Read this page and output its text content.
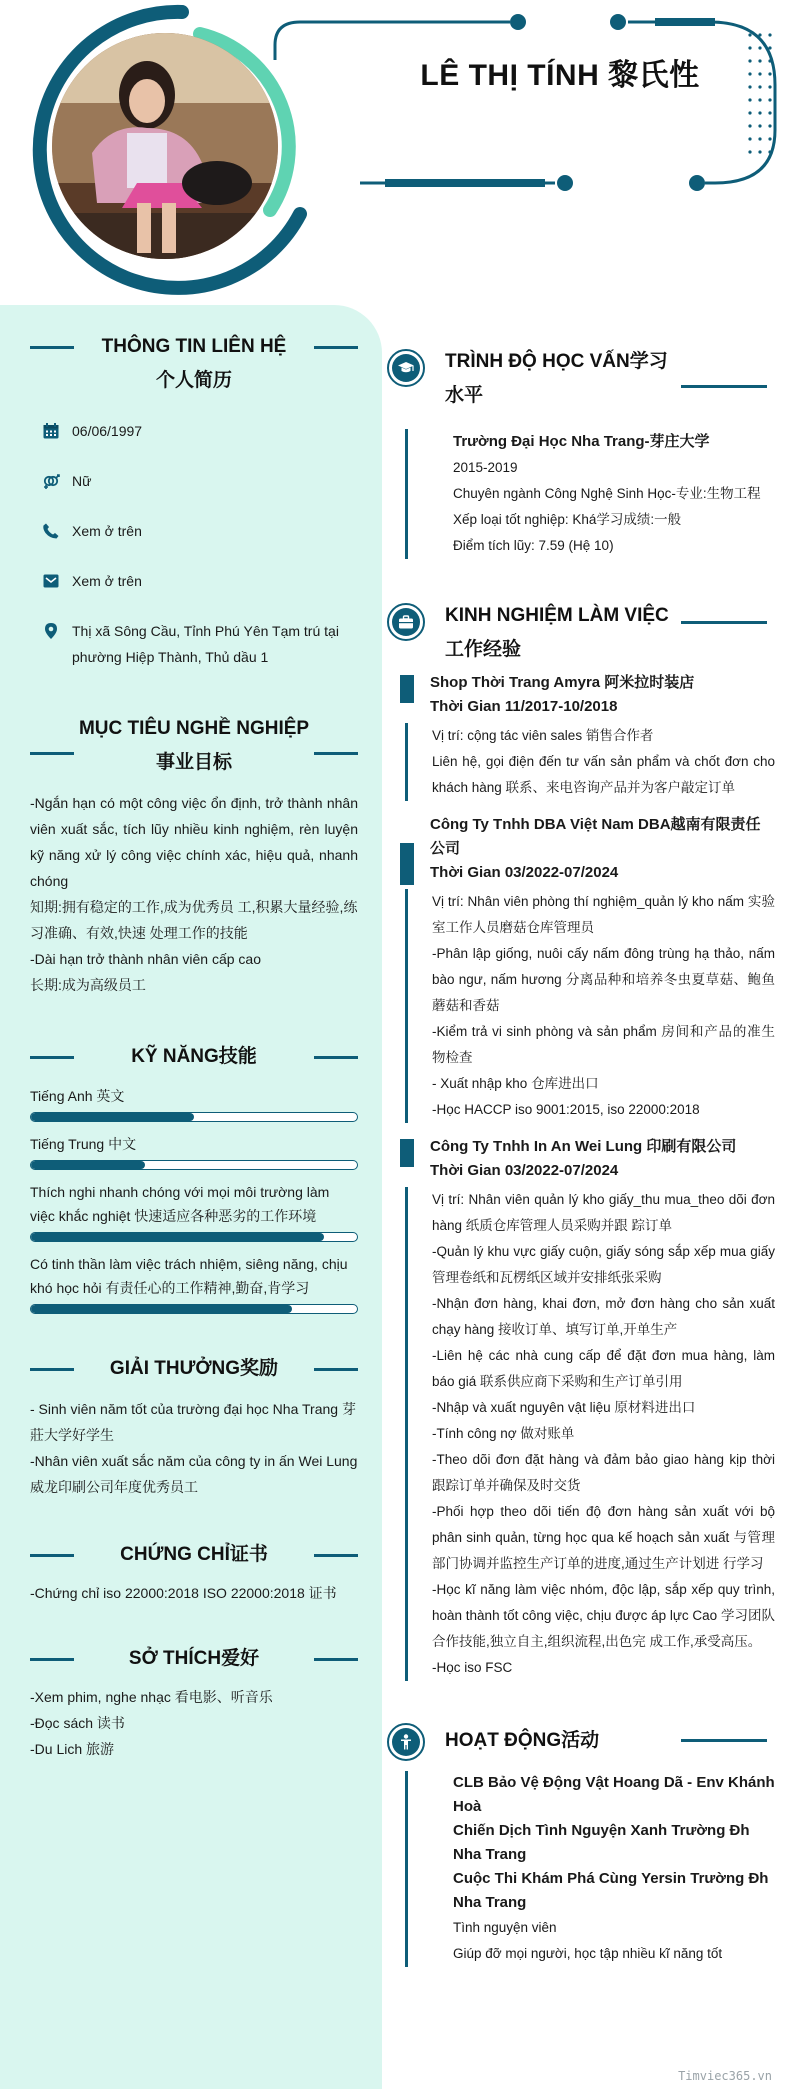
LÊ THỊ TÍNH 黎氏性
THÔNG TIN LIÊN HỆ
个人简历
06/06/1997
Nữ
Xem ở trên
Xem ở trên
Thị xã Sông Cầu, Tỉnh Phú Yên Tạm trú tại phường Hiệp Thành, Thủ dầu 1
MỤC TIÊU NGHỀ NGHIỆP
事业目标
-Ngắn hạn có một công việc ổn định, trở thành nhân viên xuất sắc, tích lũy nhiều kinh nghiệm, rèn luyện kỹ năng xử lý công việc chính xác, hiệu quả, nhanh chóng
知期:拥有稳定的工作,成为优秀员 工,积累大量经验,练习准确、有效,快速 处理工作的技能
-Dài hạn trở thành nhân viên cấp cao
长期:成为高级员工
KỸ NĂNG技能
Tiếng Anh 英文
Tiếng Trung 中文
Thích nghi nhanh chóng với mọi môi trường làm việc khắc nghiệt 快速适应各种恶劣的工作环境
Có tinh thần làm việc trách nhiệm, siêng năng, chịu khó học hỏi 有责任心的工作精神,勤奋,肯学习
GIẢI THƯỞNG奖励
- Sinh viên năm tốt của trường đại học Nha Trang 芽莊大学好学生
-Nhân viên xuất sắc năm của công ty in ấn Wei Lung 威龙印刷公司年度优秀员工
CHỨNG CHỈ证书
-Chứng chỉ iso 22000:2018 ISO 22000:2018 证书
SỞ THÍCH爱好
-Xem phim, nghe nhạc 看电影、听音乐
-Đọc sách 读书
-Du Lich 旅游
TRÌNH ĐỘ HỌC VẤN学习
水平
Trường Đại Học Nha Trang-芽庄大学
2015-2019
Chuyên ngành Công Nghệ Sinh Học-专业:生物工程
Xếp loại tốt nghiệp: Khá学习成绩:一般
Điểm tích lũy: 7.59 (Hệ 10)
KINH NGHIỆM LÀM VIỆC
工作经验
Shop Thời Trang Amyra 阿米拉时装店
Thời Gian 11/2017-10/2018
Vị trí: cộng tác viên sales 销售合作者
Liên hệ, gọi điện đến tư vấn sản phẩm và chốt đơn cho khách hàng 联系、来电咨询产品并为客户敲定订单
Công Ty Tnhh DBA Việt Nam DBA越南有限责任公司
Thời Gian 03/2022-07/2024
Vị trí: Nhân viên phòng thí nghiệm_quản lý kho nấm 实验室工作人员磨菇仓库管理员
-Phân lập giống, nuôi cấy nấm đông trùng hạ thảo, nấm bào ngư, nấm hương 分离品种和培养冬虫夏草菇、鲍鱼蘑菇和香菇
-Kiểm trả vi sinh phòng và sản phẩm 房间和产品的准生物检查
- Xuất nhập kho 仓库进出口
-Học HACCP iso 9001:2015, iso 22000:2018
Công Ty Tnhh In An Wei Lung 印刷有限公司
Thời Gian 03/2022-07/2024
Vị trí: Nhân viên quản lý kho giấy_thu mua_theo dõi đơn hàng 纸质仓库管理人员采购并跟 踪订单
-Quản lý khu vực giấy cuộn, giấy sóng sắp xếp mua giấy 管理卷纸和瓦楞纸区域并安排纸张采购
-Nhận đơn hàng, khai đơn, mở đơn hàng cho sản xuất chạy hàng 接收订单、填写订单,开单生产
-Liên hệ các nhà cung cấp để đặt đơn mua hàng, làm báo giá 联系供应商下采购和生产订单引用
-Nhập và xuất nguyên vật liệu 原材料进出口
-Tính công nợ 做对账单
-Theo dõi đơn đặt hàng và đảm bảo giao hàng kịp thời 跟踪订单并确保及时交货
-Phối hợp theo dõi tiến độ đơn hàng sản xuất với bộ phân sinh quản, từng học qua kế hoạch sản xuất 与管理部门协调并监控生产订单的进度,通过生产计划进 行学习
-Học kĩ năng làm việc nhóm, độc lập, sắp xếp quy trình, hoàn thành tốt công việc, chịu được áp lực Cao 学习团队合作技能,独立自主,组织流程,出色完 成工作,承受高压。
-Học iso FSC
HOẠT ĐỘNG活动
CLB Bảo Vệ Động Vật Hoang Dã - Env Khánh Hoà
Chiến Dịch Tình Nguyện Xanh Trường Đh Nha Trang
Cuộc Thi Khám Phá Cùng Yersin Trường Đh Nha Trang
Tình nguyện viên
Giúp đỡ mọi người, học tập nhiều kĩ năng tốt
Timviec365.vn
